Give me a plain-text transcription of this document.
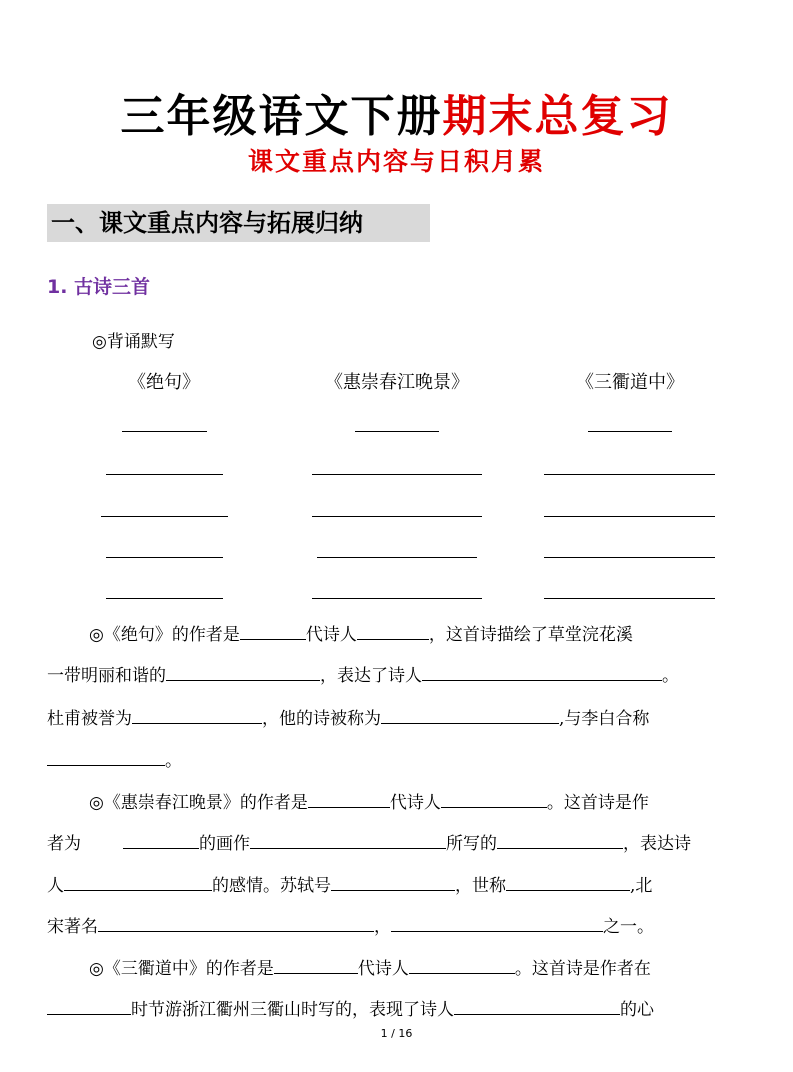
三年级语文下册期末总复习
课文重点内容与日积月累
一、课文重点内容与拓展归纳
1. 古诗三首
◎背诵默写
《绝句》	《惠崇春江晚景》	《三衢道中》
◎《绝句》的作者是	代诗人	，这首诗描绘了草堂浣花溪
一带明丽和谐的	，表达了诗人	。
杜甫被誉为	，他的诗被称为	,与李白合称
。
◎《惠崇春江晚景》的作者是	代诗人	。这首诗是作
者为	的画作	所写的	，表达诗
人	的感情。苏轼号	，世称	,北
宋著名	，	之一。
◎《三衢道中》的作者是	代诗人	。这首诗是作者在
时节游浙江衢州三衢山时写的，表现了诗人	的心
1 / 16
